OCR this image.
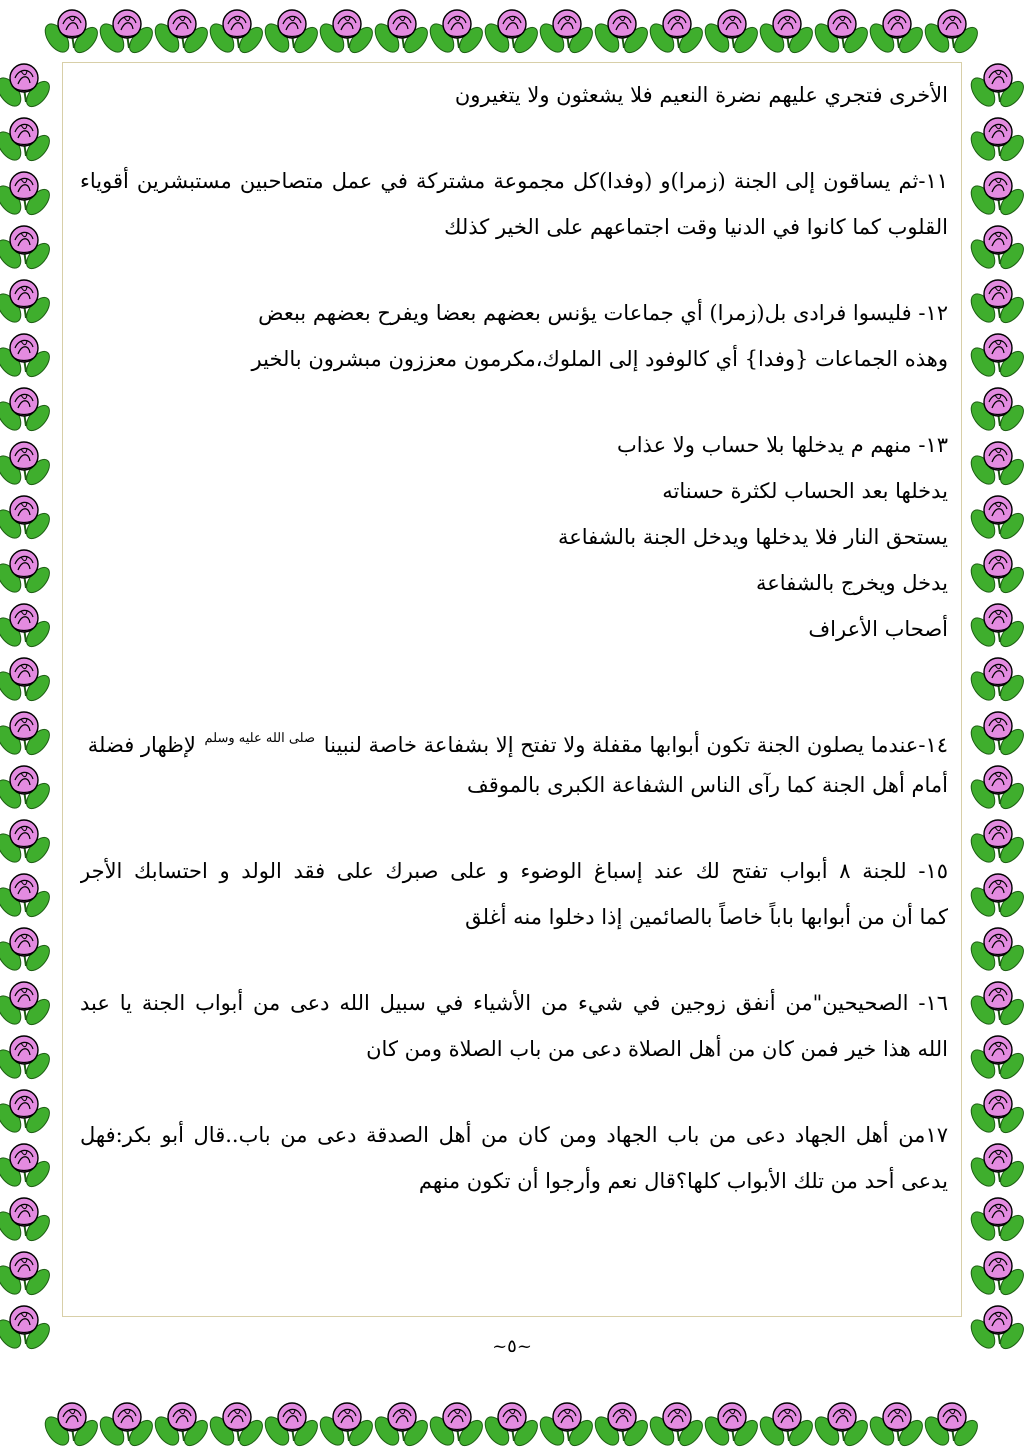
الأخرى فتجري عليهم نضرة النعيم فلا يشعثون ولا يتغيرون
١١-ثم يساقون إلى الجنة (زمرا)و (وفدا)كل مجموعة مشتركة في عمل متصاحبين مستبشرين أقوياء
القلوب كما كانوا في الدنيا وقت اجتماعهم على الخير كذلك
١٢- فليسوا فرادى بل(زمرا) أي جماعات يؤنس بعضهم بعضا ويفرح بعضهم ببعض
وهذه الجماعات {وفدا} أي كالوفود إلى الملوك،مكرمون معززون مبشرون بالخير
١٣- منهم م يدخلها بلا حساب ولا عذاب
يدخلها بعد الحساب لكثرة حسناته
يستحق النار فلا يدخلها ويدخل الجنة بالشفاعة
يدخل ويخرج بالشفاعة
أصحاب الأعراف
١٤-عندما يصلون الجنة تكون أبوابها مقفلة ولا تفتح إلا بشفاعة خاصة لنبينا $^{صلى الله عليه وسلم}$ لإظهار فضلة
أمام أهل الجنة كما رآى الناس الشفاعة الكبرى بالموقف
١٥- للجنة ٨ أبواب تفتح لك عند إسباغ الوضوء و على صبرك على فقد الولد و احتسابك الأجر
كما أن من أبوابها باباً خاصاً بالصائمين إذا دخلوا منه أغلق
١٦- الصحيحين"من أنفق زوجين في شيء من الأشياء في سبيل الله دعى من أبواب الجنة يا عبد
الله هذا خير فمن كان من أهل الصلاة دعى من باب الصلاة ومن كان
١٧من أهل الجهاد دعى من باب الجهاد ومن كان من أهل الصدقة دعى من باب..قال أبو بكر:فهل
يدعى أحد من تلك الأبواب كلها؟قال نعم وأرجوا أن تكون منهم
~٥~
